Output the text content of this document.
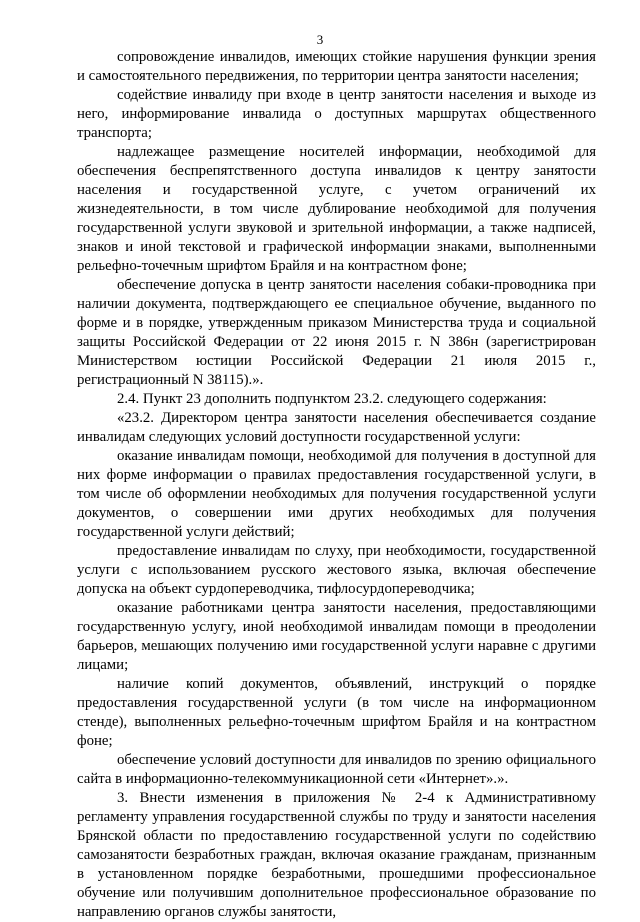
3

сопровождение инвалидов, имеющих стойкие нарушения функции зрения и самостоятельного передвижения, по территории центра занятости населения;

содействие инвалиду при входе в центр занятости населения и выходе из него, информирование инвалида о доступных маршрутах общественного транспорта;

надлежащее размещение носителей информации, необходимой для обеспечения беспрепятственного доступа инвалидов к центру занятости населения и государственной услуге, с учетом ограничений их жизнедеятельности, в том числе дублирование необходимой для получения государственной услуги звуковой и зрительной информации, а также надписей, знаков и иной текстовой и графической информации знаками, выполненными рельефно-точечным шрифтом Брайля и на контрастном фоне;

обеспечение допуска в центр занятости населения собаки-проводника при наличии документа, подтверждающего ее специальное обучение, выданного по форме и в порядке, утвержденным приказом Министерства труда и социальной защиты Российской Федерации от 22 июня 2015 г. N 386н (зарегистрирован Министерством юстиции Российской Федерации 21 июля 2015 г., регистрационный N 38115).».

2.4. Пункт 23 дополнить подпунктом 23.2. следующего содержания:

«23.2. Директором центра занятости населения обеспечивается создание инвалидам следующих условий доступности государственной услуги:

оказание инвалидам помощи, необходимой для получения в доступной для них форме информации о правилах предоставления государственной услуги, в том числе об оформлении необходимых для получения государственной услуги документов, о совершении ими других необходимых для получения государственной услуги действий;

предоставление инвалидам по слуху, при необходимости, государственной услуги с использованием русского жестового языка, включая обеспечение допуска на объект сурдопереводчика, тифлосурдопереводчика;

оказание работниками центра занятости населения, предоставляющими государственную услугу, иной необходимой инвалидам помощи в преодолении барьеров, мешающих получению ими государственной услуги наравне с другими лицами;

наличие копий документов, объявлений, инструкций о порядке предоставления государственной услуги (в том числе на информационном стенде), выполненных рельефно-точечным шрифтом Брайля и на контрастном фоне;

обеспечение условий доступности для инвалидов по зрению официального сайта в информационно-телекоммуникационной сети «Интернет».».

3. Внести изменения в приложения № 2-4 к Административному регламенту управления государственной службы по труду и занятости населения Брянской области по предоставлению государственной услуги по содействию самозанятости безработных граждан, включая оказание гражданам, признанным в установленном порядке безработными, прошедшими профессиональное обучение или получившим дополнительное профессиональное образование по направлению органов службы занятости,
